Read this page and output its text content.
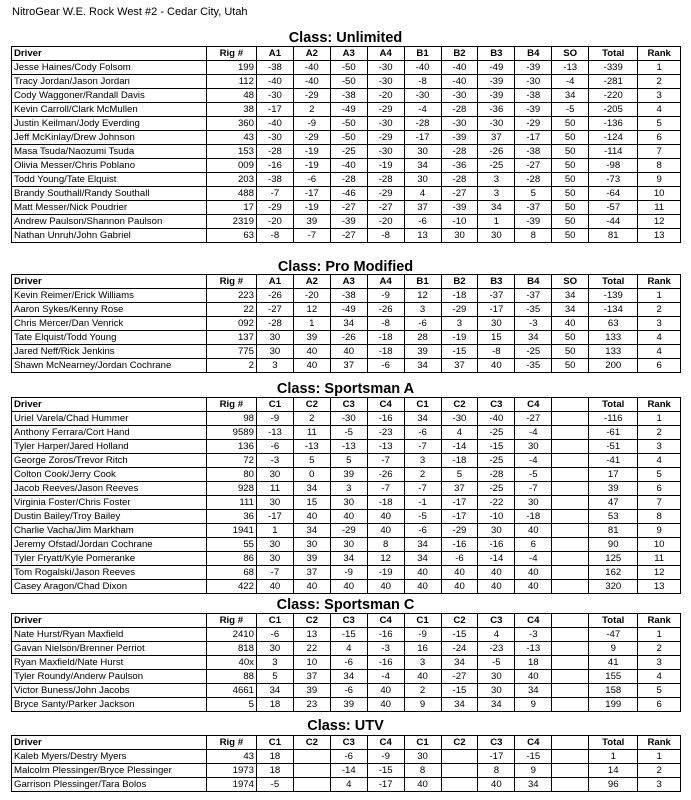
NitroGear W.E. Rock West #2 - Cedar City, Utah
Class: Unlimited
Driver	Rig #	A1	A2	A3	A4	B1	B2	B3	B4	SO	Total	Rank
Jesse Haines/Cody Folsom	199	-38	-40	-50	-30	-40	-40	-49	-39	-13	-339	1
Tracy Jordan/Jason Jordan	112	-40	-40	-50	-30	-8	-40	-39	-30	-4	-281	2
Cody Waggoner/Randall Davis	48	-30	-29	-38	-20	-30	-30	-39	-38	34	-220	3
Kevin Carroll/Clark McMullen	38	-17	2	-49	-29	-4	-28	-36	-39	-5	-205	4
Justin Keilman/Jody Everding	360	-40	-9	-50	-30	-28	-30	-30	-29	50	-136	5
Jeff McKinlay/Drew Johnson	43	-30	-29	-50	-29	-17	-39	37	-17	50	-124	6
Masa Tsuda/Naozumi Tsuda	153	-28	-19	-25	-30	30	-28	-26	-38	50	-114	7
Olivia Messer/Chris Poblano	009	-16	-19	-40	-19	34	-36	-25	-27	50	-98	8
Todd Young/Tate Elquist	203	-38	-6	-28	-28	30	-28	3	-28	50	-73	9
Brandy Southall/Randy Southall	488	-7	-17	-46	-29	4	-27	3	5	50	-64	10
Matt Messer/Nick Poudrier	17	-29	-19	-27	-27	37	-39	34	-37	50	-57	11
Andrew Paulson/Shannon Paulson	2319	-20	39	-39	-20	-6	-10	1	-39	50	-44	12
Nathan Unruh/John Gabriel	63	-8	-7	-27	-8	13	30	30	8	50	81	13
Class: Pro Modified
Driver	Rig #	A1	A2	A3	A4	B1	B2	B3	B4	SO	Total	Rank
Kevin Reimer/Erick Williams	223	-26	-20	-38	-9	12	-18	-37	-37	34	-139	1
Aaron Sykes/Kenny Rose	22	-27	12	-49	-26	3	-29	-17	-35	34	-134	2
Chris Mercer/Dan Venrick	092	-28	1	34	-8	-6	3	30	-3	40	63	3
Tate Elquist/Todd Young	137	30	39	-26	-18	28	-19	15	34	50	133	4
Jared Neff/Rick Jenkins	775	30	40	40	-18	39	-15	-8	-25	50	133	4
Shawn McNearney/Jordan Cochrane	2	3	40	37	-6	34	37	40	-35	50	200	6
Class: Sportsman A
Driver	Rig #	C1	C2	C3	C4	C1	C2	C3	C4		Total	Rank
Uriel Varela/Chad Hummer	98	-9	2	-30	-16	34	-30	-40	-27		-116	1
Anthony Ferrara/Cort Hand	9589	-13	11	-5	-23	-6	4	-25	-4		-61	2
Tyler Harper/Jared Holland	136	-6	-13	-13	-13	-7	-14	-15	30		-51	3
George Zoros/Trevor Ritch	72	-3	5	5	-7	3	-18	-25	-4		-41	4
Colton Cook/Jerry Cook	80	30	0	39	-26	2	5	-28	-5		17	5
Jacob Reeves/Jason Reeves	928	11	34	3	-7	-7	37	-25	-7		39	6
Virginia Foster/Chris Foster	111	30	15	30	-18	-1	-17	-22	30		47	7
Dustin Bailey/Troy Bailey	36	-17	40	40	40	-5	-17	-10	-18		53	8
Charlie Vacha/Jim Markham	1941	1	34	-29	40	-6	-29	30	40		81	9
Jeremy Ofstad/Jordan Cochrane	55	30	30	30	8	34	-16	-16	6		90	10
Tyler Fryatt/Kyle Pomeranke	86	30	39	34	12	34	-6	-14	-4		125	11
Tom Rogalski/Jason Reeves	68	-7	37	-9	-19	40	40	40	40		162	12
Casey Aragon/Chad Dixon	422	40	40	40	40	40	40	40	40		320	13
Class: Sportsman C
Driver	Rig #	C1	C2	C3	C4	C1	C2	C3	C4		Total	Rank
Nate Hurst/Ryan Maxfield	2410	-6	13	-15	-16	-9	-15	4	-3		-47	1
Gavan Nielson/Brenner Perriot	818	30	22	4	-3	16	-24	-23	-13		9	2
Ryan Maxfield/Nate Hurst	40x	3	10	-6	-16	3	34	-5	18		41	3
Tyler Roundy/Anderw Paulson	88	5	37	34	-4	40	-27	30	40		155	4
Victor Buness/John Jacobs	4661	34	39	-6	40	2	-15	30	34		158	5
Bryce Santy/Parker Jackson	5	18	23	39	40	9	34	34	9		199	6
Class: UTV
Driver	Rig #	C1	C2	C3	C4	C1	C2	C3	C4		Total	Rank
Kaleb Myers/Destry Myers	43	18		-6	-9	30		-17	-15		1	1
Malcolm Plessinger/Bryce Plessinger	1973	18		-14	-15	8		8	9		14	2
Garrison Plessinger/Tara Bolos	1974	-5		4	-17	40		40	34		96	3
